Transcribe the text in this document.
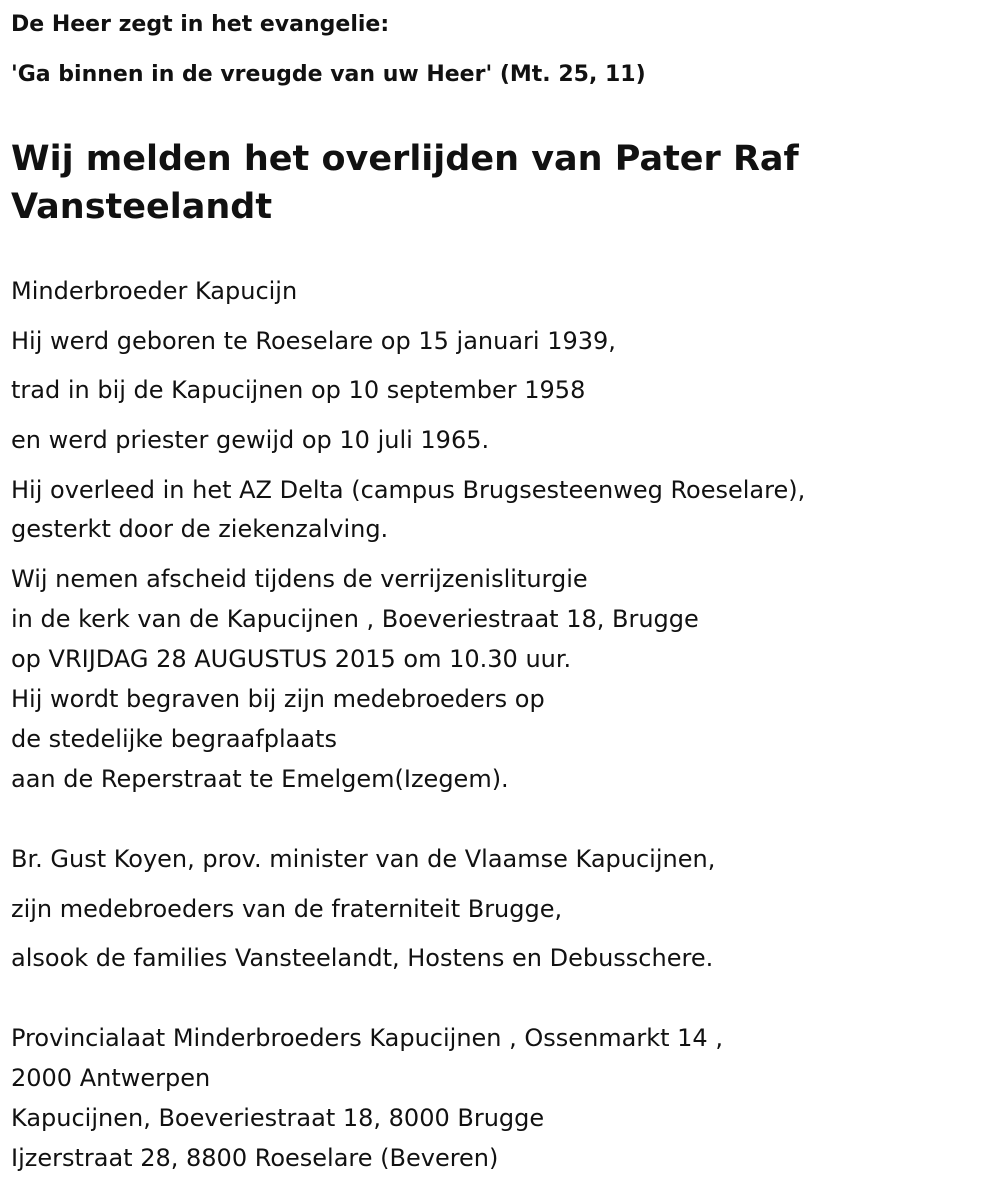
De Heer zegt in het evangelie:

'Ga binnen in de vreugde van uw Heer' (Mt. 25, 11)

Wij melden het overlijden van Pater Raf Vansteelandt

Minderbroeder Kapucijn

Hij werd geboren te Roeselare op 15 januari 1939,

trad in bij de Kapucijnen op 10 september 1958

en werd priester gewijd op 10 juli 1965.

Hij overleed in het AZ Delta (campus Brugsesteenweg Roeselare),

gesterkt door de ziekenzalving.

Wij nemen afscheid tijdens de verrijzenisliturgie

in de kerk van de Kapucijnen , Boeveriestraat 18, Brugge

op VRIJDAG 28 AUGUSTUS 2015 om 10.30 uur.

Hij wordt begraven bij zijn medebroeders op

de stedelijke begraafplaats

aan de Reperstraat te Emelgem(Izegem).

Br. Gust Koyen, prov. minister van de Vlaamse Kapucijnen,

zijn medebroeders van de fraterniteit Brugge,

alsook de families Vansteelandt, Hostens en Debusschere.

Provincialaat Minderbroeders Kapucijnen , Ossenmarkt 14 ,

2000 Antwerpen

Kapucijnen, Boeveriestraat 18, 8000 Brugge

Ijzerstraat 28, 8800 Roeselare (Beveren)
